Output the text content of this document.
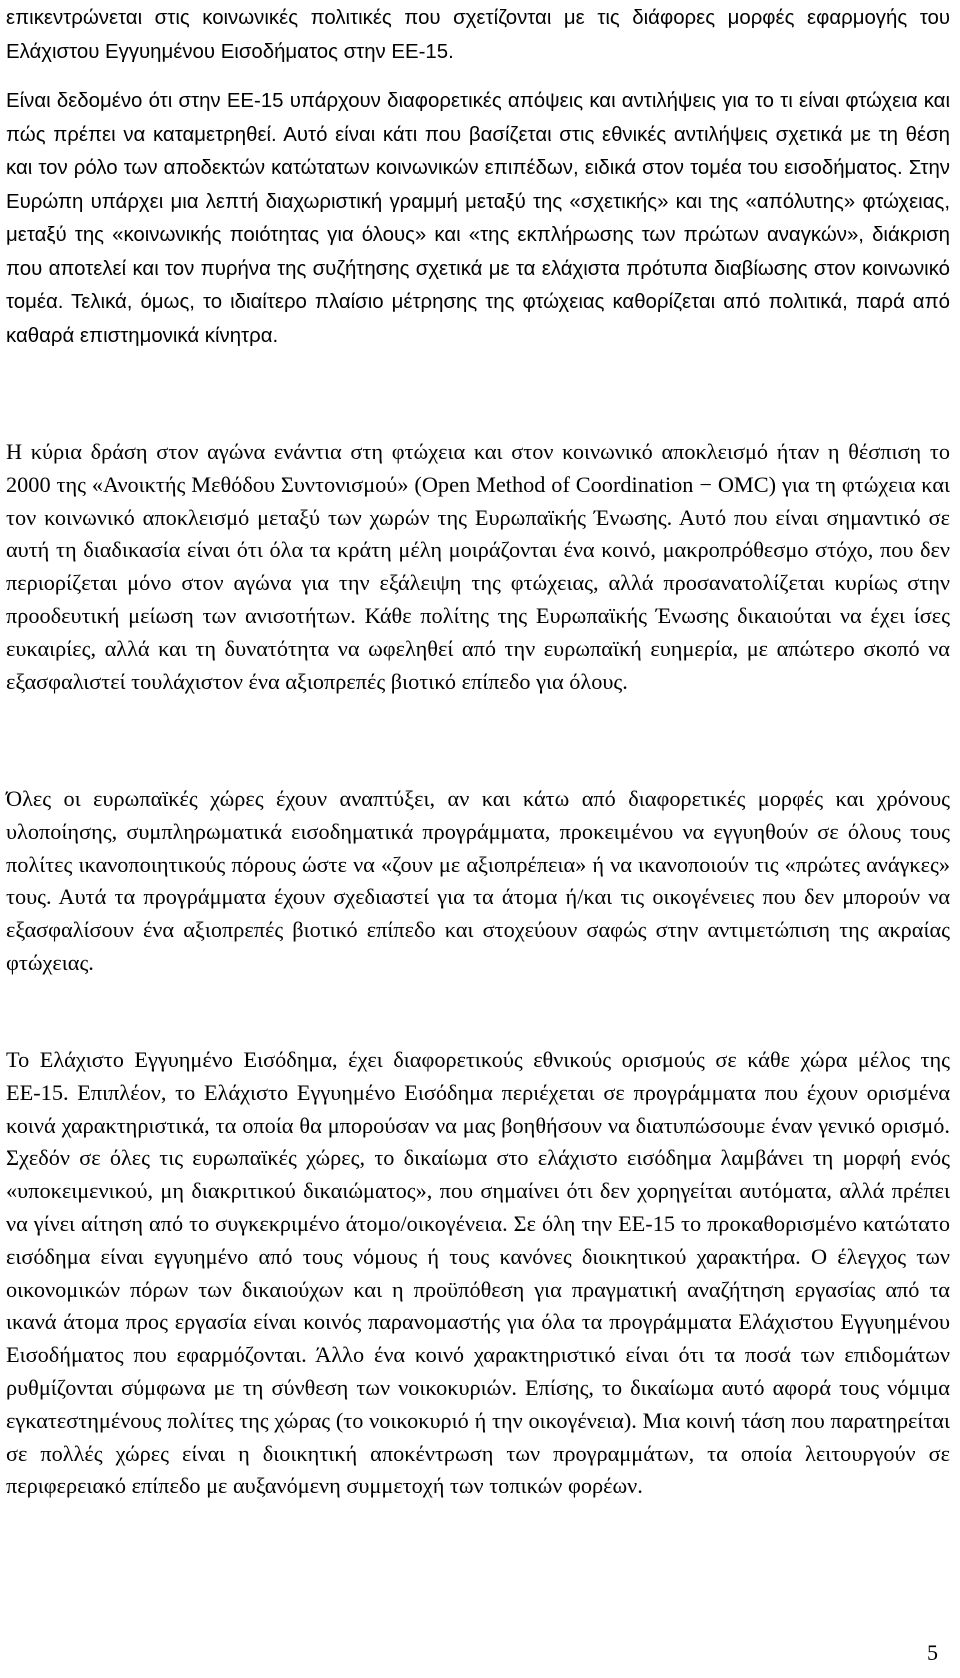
επικεντρώνεται στις κοινωνικές πολιτικές που σχετίζονται με τις διάφορες μορφές εφαρμογής του Ελάχιστου Εγγυημένου Εισοδήματος στην ΕΕ-15.

Είναι δεδομένο ότι στην ΕΕ-15 υπάρχουν διαφορετικές απόψεις και αντιλήψεις για το τι είναι φτώχεια και πώς πρέπει να καταμετρηθεί. Αυτό είναι κάτι που βασίζεται στις εθνικές αντιλήψεις σχετικά με τη θέση και τον ρόλο των αποδεκτών κατώτατων κοινωνικών επιπέδων, ειδικά στον τομέα του εισοδήματος. Στην Ευρώπη υπάρχει μια λεπτή διαχωριστική γραμμή μεταξύ της «σχετικής» και της «απόλυτης» φτώχειας, μεταξύ της «κοινωνικής ποιότητας για όλους» και «της εκπλήρωσης των πρώτων αναγκών», διάκριση που αποτελεί και τον πυρήνα της συζήτησης σχετικά με τα ελάχιστα πρότυπα διαβίωσης στον κοινωνικό τομέα. Τελικά, όμως, το ιδιαίτερο πλαίσιο μέτρησης της φτώχειας καθορίζεται από πολιτικά, παρά από καθαρά επιστημονικά κίνητρα.

Η κύρια δράση στον αγώνα ενάντια στη φτώχεια και στον κοινωνικό αποκλεισμό ήταν η θέσπιση το 2000 της «Ανοικτής Μεθόδου Συντονισμού» (Open Method of Coordination − OMC) για τη φτώχεια και τον κοινωνικό αποκλεισμό μεταξύ των χωρών της Ευρωπαϊκής Ένωσης. Αυτό που είναι σημαντικό σε αυτή τη διαδικασία είναι ότι όλα τα κράτη μέλη μοιράζονται ένα κοινό, μακροπρόθεσμο στόχο, που δεν περιορίζεται μόνο στον αγώνα για την εξάλειψη της φτώχειας, αλλά προσανατολίζεται κυρίως στην προοδευτική μείωση των ανισοτήτων. Κάθε πολίτης της Ευρωπαϊκής Ένωσης δικαιούται να έχει ίσες ευκαιρίες, αλλά και τη δυνατότητα να ωφεληθεί από την ευρωπαϊκή ευημερία, με απώτερο σκοπό να εξασφαλιστεί τουλάχιστον ένα αξιοπρεπές βιοτικό επίπεδο για όλους.

Όλες οι ευρωπαϊκές χώρες έχουν αναπτύξει, αν και κάτω από διαφορετικές μορφές και χρόνους υλοποίησης, συμπληρωματικά εισοδηματικά προγράμματα, προκειμένου να εγγυηθούν σε όλους τους πολίτες ικανοποιητικούς πόρους ώστε να «ζουν με αξιοπρέπεια» ή να ικανοποιούν τις «πρώτες ανάγκες» τους. Αυτά τα προγράμματα έχουν σχεδιαστεί για τα άτομα ή/και τις οικογένειες που δεν μπορούν να εξασφαλίσουν ένα αξιοπρεπές βιοτικό επίπεδο και στοχεύουν σαφώς στην αντιμετώπιση της ακραίας φτώχειας.

Το Ελάχιστο Εγγυημένο Εισόδημα, έχει διαφορετικούς εθνικούς ορισμούς σε κάθε χώρα μέλος της ΕΕ-15. Επιπλέον, το Ελάχιστο Εγγυημένο Εισόδημα περιέχεται σε προγράμματα που έχουν ορισμένα κοινά χαρακτηριστικά, τα οποία θα μπορούσαν να μας βοηθήσουν να διατυπώσουμε έναν γενικό ορισμό. Σχεδόν σε όλες τις ευρωπαϊκές χώρες, το δικαίωμα στο ελάχιστο εισόδημα λαμβάνει τη μορφή ενός «υποκειμενικού, μη διακριτικού δικαιώματος», που σημαίνει ότι δεν χορηγείται αυτόματα, αλλά πρέπει να γίνει αίτηση από το συγκεκριμένο άτομο/οικογένεια. Σε όλη την ΕΕ-15 το προκαθορισμένο κατώτατο εισόδημα είναι εγγυημένο από τους νόμους ή τους κανόνες διοικητικού χαρακτήρα. Ο έλεγχος των οικονομικών πόρων των δικαιούχων και η προϋπόθεση για πραγματική αναζήτηση εργασίας από τα ικανά άτομα προς εργασία είναι κοινός παρανομαστής για όλα τα προγράμματα Ελάχιστου Εγγυημένου Εισοδήματος που εφαρμόζονται. Άλλο ένα κοινό χαρακτηριστικό είναι ότι τα ποσά των επιδομάτων ρυθμίζονται σύμφωνα με τη σύνθεση των νοικοκυριών. Επίσης, το δικαίωμα αυτό αφορά τους νόμιμα εγκατεστημένους πολίτες της χώρας (το νοικοκυριό ή την οικογένεια). Μια κοινή τάση που παρατηρείται σε πολλές χώρες είναι η διοικητική αποκέντρωση των προγραμμάτων, τα οποία λειτουργούν σε περιφερειακό επίπεδο με αυξανόμενη συμμετοχή των τοπικών φορέων.

5
